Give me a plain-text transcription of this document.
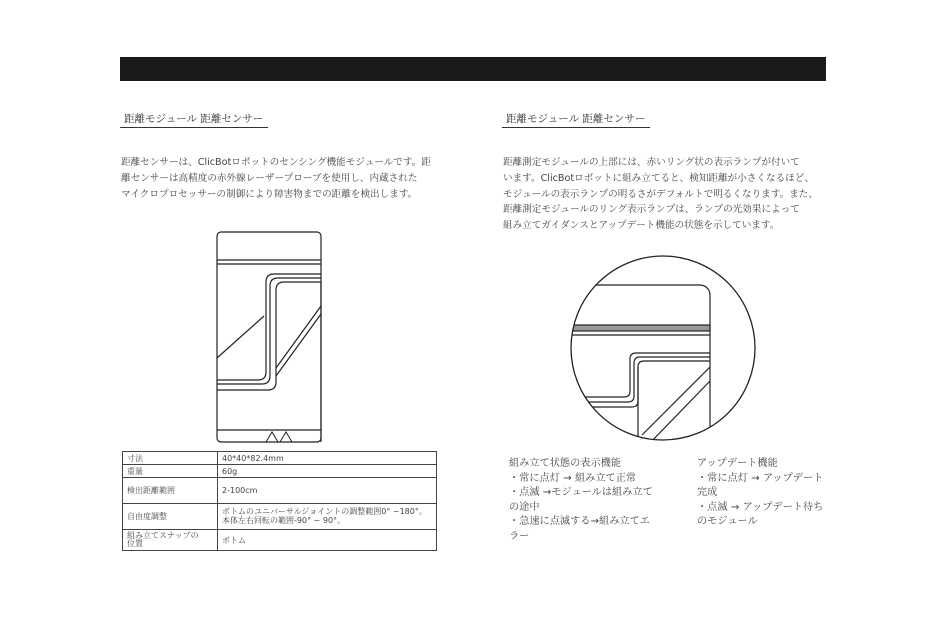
距離モジュール 距離センサー
距離センサーは、ClicBotロボットのセンシング機能モジュールです。距
離センサーは高精度の赤外線レーザープローブを使用し、内蔵された
マイクロプロセッサーの制御により障害物までの距離を検出します。
寸法	40*40*82.4mm
重量	60g
検出距離範囲	2-100cm
自由度調整	ボトムのユニバーサルジョイントの調整範囲0° ~180°。
本体左右回転の範囲-90° ~ 90°。

組み立てスナップの
位置	ボトム
距離モジュール 距離センサー
距離測定モジュールの上部には、赤いリング状の表示ランプが付いて
います。ClicBotロボットに組み立てると、検知距離が小さくなるほど、
モジュールの表示ランプの明るさがデフォルトで明るくなります。また、
距離測定モジュールのリング表示ランプは、ランプの光効果によって
組み立てガイダンスとアップデート機能の状態を示しています。
組み立て状態の表示機能
・常に点灯 → 組み立て正常
・点滅 →モジュールは組み立て
の途中
・急速に点滅する→組み立てエ
ラー
アップデート機能
・常に点灯 → アップデート
完成
・点滅 → アップデート待ち
のモジュール
